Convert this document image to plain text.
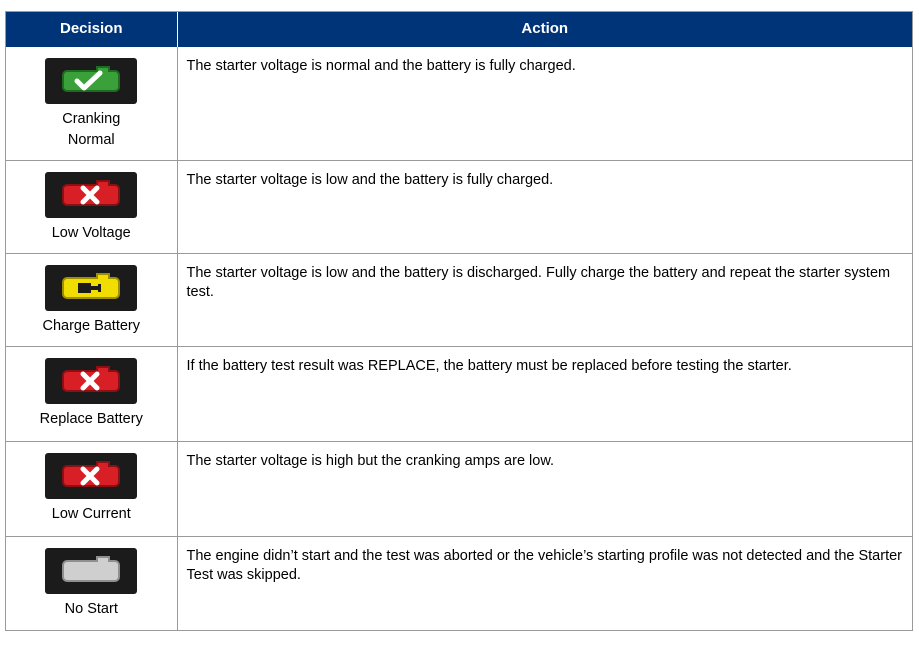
Decision	Action

Cranking
Normal	The starter voltage is normal and the battery is fully charged.

Low Voltage	The starter voltage is low and the battery is fully charged.

Charge Battery	The starter voltage is low and the battery is discharged. Fully charge the battery and repeat the starter system test.

Replace Battery	If the battery test result was REPLACE, the battery must be replaced before testing the starter.

Low Current	The starter voltage is high but the cranking amps are low.

No Start	The engine didn’t start and the test was aborted or the vehicle’s starting profile was not detected and the Starter Test was skipped.
